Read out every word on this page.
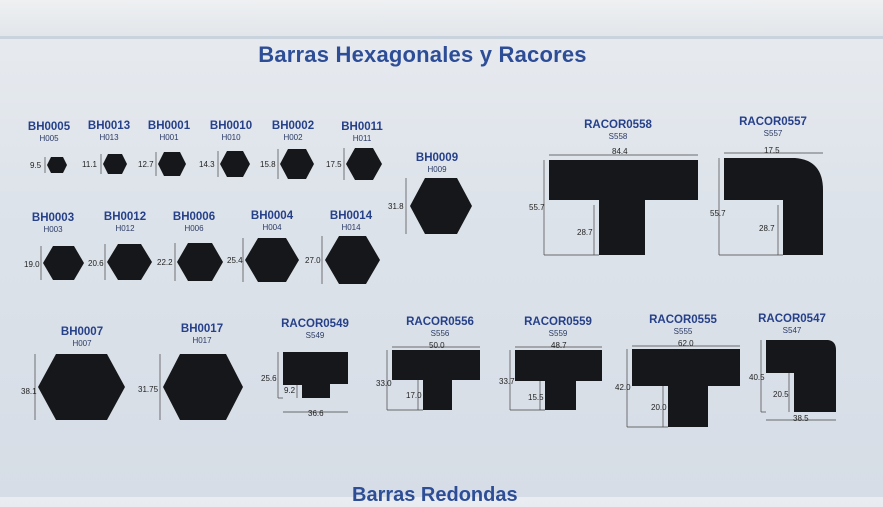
Barras Hexagonales y Racores
BH0005
H005
9.5
BH0013
H013
11.1
BH0001
H001
12.7
BH0010
H010
14.3
BH0002
H002
15.8
BH0011
H011
17.5
BH0009
H009
31.8
BH0003
H003
19.0
BH0012
H012
20.6
BH0006
H006
22.2
BH0004
H004
25.4
BH0014
H014
27.0
BH0007
H007
38.1
BH0017
H017
31.75
RACOR0558
S558
84.4
55.7
28.7
RACOR0557
S557
17.5
55.7
28.7
RACOR0549
S549
36.6
25.6
9.2
RACOR0556
S556
50.0
33.0
17.0
RACOR0559
S559
48.7
33.7
15.5
RACOR0555
S555
62.0
42.0
20.0
RACOR0547
S547
38.5
40.5
20.5
Barras Redondas
